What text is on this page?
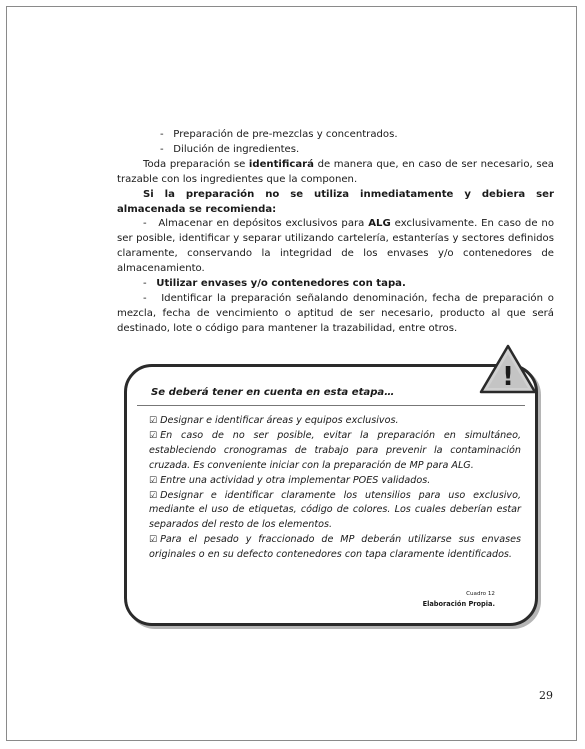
-   Preparación de pre-mezclas y concentrados.

-   Dilución de ingredientes.

Toda preparación se identificará de manera que, en caso de ser necesario, sea trazable con los ingredientes que la componen.

Si la preparación no se utiliza inmediatamente y debiera ser almacenada se recomienda:

-   Almacenar en depósitos exclusivos para ALG exclusivamente. En caso de no ser posible, identificar y separar utilizando cartelería, estanterías y sectores definidos claramente, conservando la integridad de los envases y/o contenedores de almacenamiento.

-   Utilizar envases y/o contenedores con tapa.

-   Identificar la preparación señalando denominación, fecha de preparación o mezcla, fecha de vencimiento o aptitud de ser necesario, producto al que será destinado, lote o código para mantener la trazabilidad, entre otros.

Se deberá tener en cuenta en esta etapa…

☑ Designar e identificar áreas y equipos exclusivos.

☑ En caso de no ser posible, evitar la preparación en simultáneo, estableciendo cronogramas de trabajo para prevenir la contaminación cruzada. Es conveniente iniciar con la preparación de MP para ALG.

☑ Entre una actividad y otra implementar POES validados.

☑ Designar e identificar claramente los utensilios para uso exclusivo, mediante el uso de etiquetas, código de colores. Los cuales deberían estar separados del resto de los elementos.

☑ Para el pesado y fraccionado de MP deberán utilizarse sus envases originales o en su defecto contenedores con tapa claramente identificados.

Cuadro 12

Elaboración Propia.

!

29
